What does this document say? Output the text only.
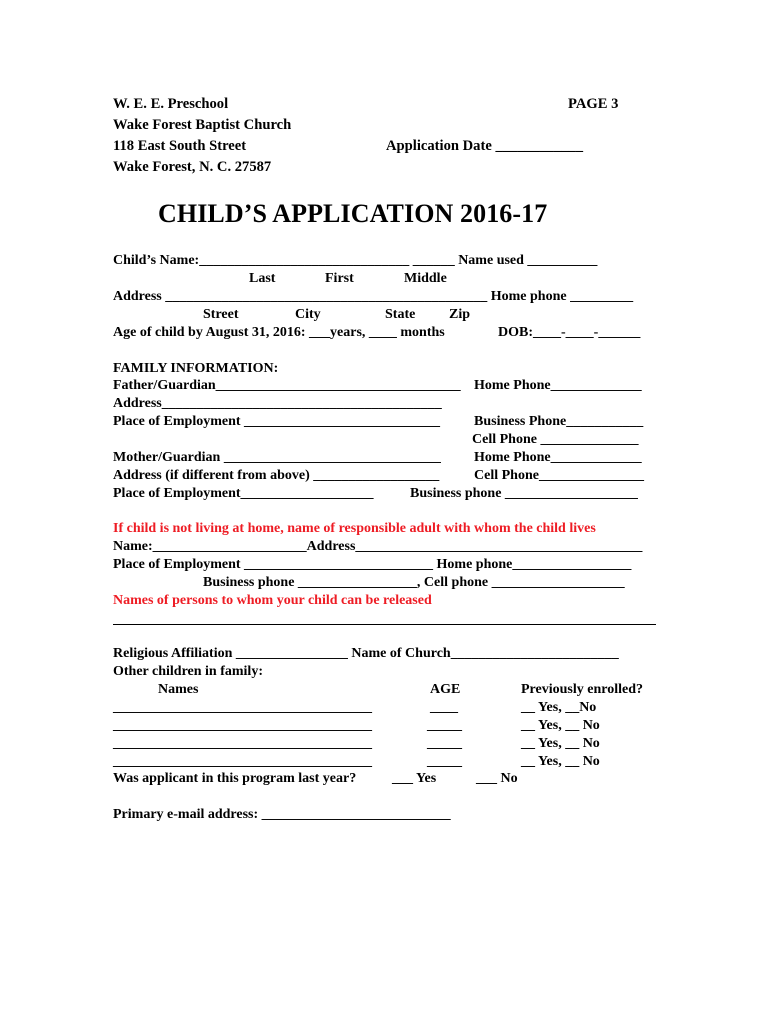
W. E. E. Preschool
Wake Forest Baptist Church
118 East South Street
Wake Forest, N. C. 27587
PAGE 3
Application Date ____________
CHILD’S APPLICATION 2016-17
Child’s Name:______________________________ ______ Name used __________
Last	First	Middle
Address ______________________________________________ Home phone _________
Street	City	State Zip
Age of child by August 31, 2016: ___years, ____ months	DOB:____-____-______
FAMILY INFORMATION:
Father/Guardian___________________________________ Home Phone_____________
Address________________________________________
Place of Employment ____________________________ Business Phone___________
Cell Phone ______________
Mother/Guardian _______________________________ Home Phone_____________
Address (if different from above) __________________ Cell Phone_______________
Place of Employment___________________	Business phone ___________________
If child is not living at home, name of responsible adult with whom the child lives
Name:______________________Address_________________________________________
Place of Employment ___________________________ Home phone_________________
Business phone _________________, Cell phone ___________________
Names of persons to whom your child can be released
Religious Affiliation ________________ Name of Church________________________
Other children in family:
Names	AGE	Previously enrolled?
_____________________________________	____	__ Yes, __No
_____________________________________	_____	__ Yes, __ No
_____________________________________	_____	__ Yes, __ No
_____________________________________	_____	__ Yes, __ No
Was applicant in this program last year?	___ Yes	___ No
Primary e-mail address: ___________________________
